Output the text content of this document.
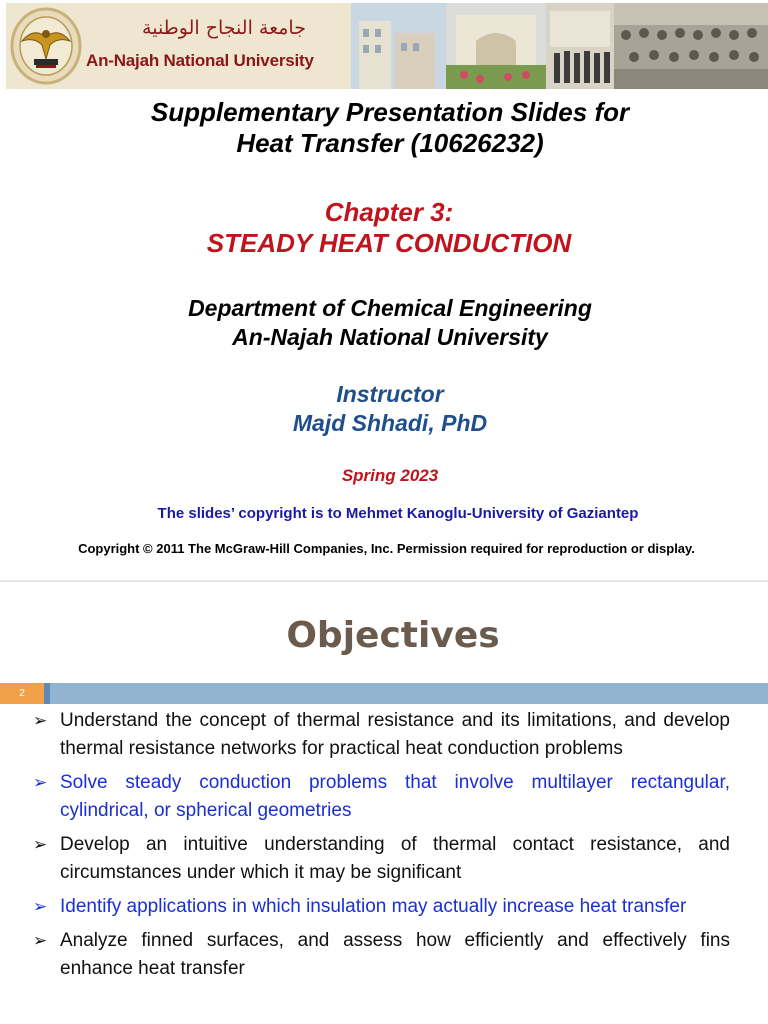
جامعة النجاح الوطنية
An-Najah National University
Supplementary Presentation Slides for
Heat Transfer (10626232)
Chapter 3:
STEADY HEAT CONDUCTION
Department of Chemical Engineering
An-Najah National University
Instructor
Majd Shhadi, PhD
Spring 2023
The slides’ copyright is to Mehmet Kanoglu-University of Gaziantep
Copyright © 2011 The McGraw-Hill Companies, Inc. Permission required for reproduction or display.
Objectives
2
➢ Understand the concept of thermal resistance and its limitations, and develop thermal resistance networks for practical heat conduction problems
➢ Solve steady conduction problems that involve multilayer rectangular, cylindrical, or spherical geometries
➢ Develop an intuitive understanding of thermal contact resistance, and circumstances under which it may be significant
➢ Identify applications in which insulation may actually increase heat transfer
➢ Analyze finned surfaces, and assess how efficiently and effectively fins enhance heat transfer
